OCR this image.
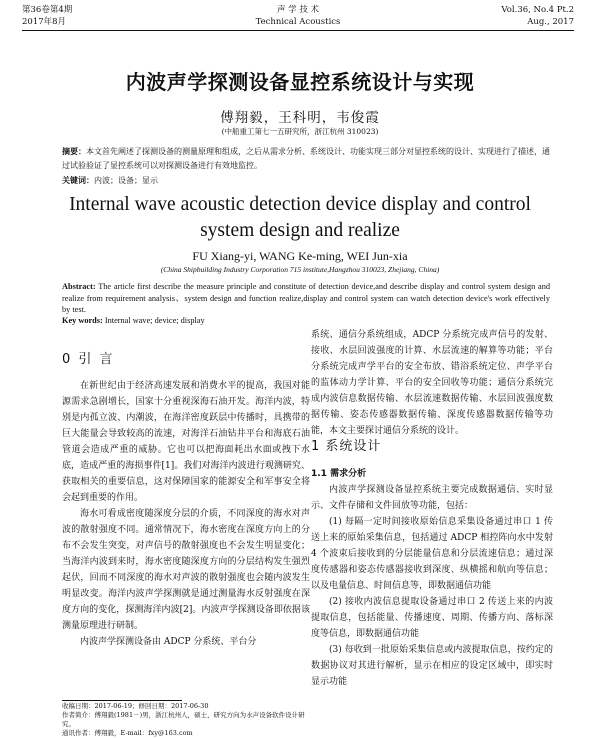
第36卷第4期
2017年8月
声 学 技 术
Technical Acoustics
Vol.36, No.4 Pt.2
Aug., 2017
内波声学探测设备显控系统设计与实现
傅翔毅，王科明，韦俊霞
(中船重工第七一五研究所，浙江杭州 310023)
摘要：本文首先阐述了探测设备的测量原理和组成，之后从需求分析、系统设计、功能实现三部分对显控系统的设计、实现进行了描述，通过试验验证了显控系统可以对探测设备进行有效地监控。
关键词：内波；设备；显示
Internal wave acoustic detection device display and control system design and realize
FU Xiang-yi, WANG Ke-ming, WEI Jun-xia
(China Shipbuilding Industry Corporation 715 institute,Hangzhou 310023, Zhejiang, China)
Abstract: The article first describe the measure principle and constitute of detection device,and describe display and control system design and realize from requirement analysis、system design and function realize,display and control system can watch detection device's work effectively by test.
Key words: Internal wave; device; display
0 引 言

在新世纪由于经济高速发展和消费水平的提高，我国对能源需求急剧增长，国家十分重视深海石油开发。海洋内波，特别是内孤立波、内潮波，在海洋密度跃层中传播时，具携带的巨大能量会导致较高的流速，对海洋石油钻井平台和海底石油管道会造成严重的威胁。它也可以把海面耗出水面或拽下水底，造成严重的海损事件[1]。我们对海洋内波进行观测研究、获取相关的重要信息，这对保障国家的能源安全和军事安全将会起到重要的作用。

海水可看成密度随深度分层的介质，不同深度的海水对声波的散射强度不同。通常情况下，海水密度在深度方向上的分布不会发生突变，对声信号的散射强度也不会发生明显变化；当海洋内波到来时，海水密度随深度方向的分层结构发生强烈起伏，回而不同深度的海水对声波的散射强度也会随内波发生明显改变。海洋内波声学探测就是通过测量海水反射强度在深度方向的变化，探测海洋内波[2]。内波声学探测设备即依据该测量原理进行研制。

内波声学探测设备由 ADCP 分系统、平台分

系统、通信分系统组成，ADCP 分系统完成声信号的发射、接收、水层回波强度的计算、水层流速的解算等功能；平台分系统完成声学平台的安全布放、错浴系统定位、声学平台的监体动力学计算、平台的安全回收等功能；通信分系统完成内波信息数据传输、水层流速数据传输、水层回波强度数据传输、姿态传感器数据传输、深度传感器数据传输等功能，本文主要探讨通信分系统的设计。

1 系统设计
1.1 需求分析

内波声学探测设备显控系统主要完成数据通信、实时显示、文件存储和文件回放等功能，包括：

(1) 每隔一定时间接收原始信息采集设备通过串口 1 传送上来的原始采集信息，包括通过 ADCP 相控阵向水中发射 4 个波束后接收到的分层能量信息和分层流速信息；通过深度传感器和姿态传感器接收到深度、纵横摇和航向等信息；以及电量信息、时间信息等，即数据通信功能

(2) 接收内波信息提取设备通过串口 2 传送上来的内波提取信息，包括能量、传播速度、周期、传播方向、落标深度等信息，即数据通信功能

(3) 每收到一批原始采集信息或内波提取信息，按约定的数据协议对其进行解析，显示在相应的设定区域中，即实时显示功能

收稿日期：2017-06-19；修回日期：2017-06-30
作者简介：傅翔毅(1981－)男，浙江杭州人，硕士，研究方向为水声设备软件设计研究。
通讯作者：傅翔毅，E-mail：fxy@163.com
